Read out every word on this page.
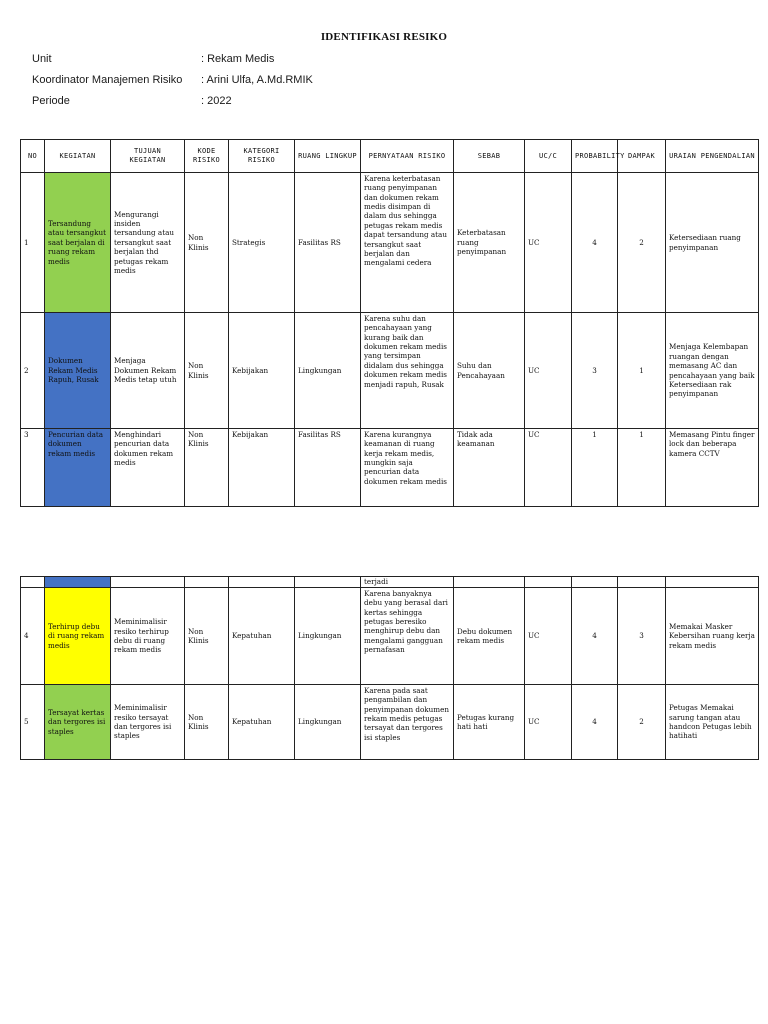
IDENTIFIKASI RESIKO
Unit	: Rekam Medis
Koordinator Manajemen Risiko : Arini Ulfa, A.Md.RMIK
Periode	: 2022
NO	KEGIATAN	TUJUAN KEGIATAN	KODE RISIKO	KATEGORI RISIKO	RUANG LINGKUP	PERNYATAAN RISIKO	SEBAB	UC/C	PROBABILITY	DAMPAK	URAIAN PENGENDALIAN
1	Tersandung atau tersangkut saat berjalan di ruang rekam medis	Mengurangi insiden tersandung atau tersangkut saat berjalan thd petugas rekam medis	Non Klinis	Strategis	Fasilitas RS	Karena keterbatasan ruang penyimpanan dan dokumen rekam medis disimpan di dalam dus sehingga petugas rekam medis dapat tersandung atau tersangkut saat berjalan dan mengalami cedera	Keterbatasan ruang penyimpanan	UC	4	2	Ketersediaan ruang penyimpanan
2	Dokumen Rekam Medis Rapuh, Rusak	Menjaga Dokumen Rekam Medis tetap utuh	Non Klinis	Kebijakan	Lingkungan	Karena suhu dan pencahayaan yang kurang baik dan dokumen rekam medis yang tersimpan didalam dus sehingga dokumen rekam medis menjadi rapuh, Rusak	Suhu dan Pencahayaan	UC	3	1	Menjaga Kelembapan ruangan dengan memasang AC dan pencahayaan yang baik Ketersediaan rak penyimpanan
3	Pencurian data dokumen rekam medis	Menghindari pencurian data dokumen rekam medis	Non Klinis	Kebijakan	Fasilitas RS	Karena kurangnya keamanan di ruang kerja rekam medis, mungkin saja pencurian data dokumen rekam medis	Tidak ada keamanan	UC	1	1	Memasang Pintu finger lock dan beberapa kamera CCTV
						terjadi					
4	Terhirup debu di ruang rekam medis	Meminimalisir resiko terhirup debu di ruang rekam medis	Non Klinis	Kepatuhan	Lingkungan	Karena banyaknya debu yang berasal dari kertas sehingga petugas beresiko menghirup debu dan mengalami gangguan pernafasan	Debu dokumen rekam medis	UC	4	3	Memakai Masker Kebersihan ruang kerja rekam medis
5	Tersayat kertas dan tergores isi staples	Meminimalisir resiko tersayat dan tergores isi staples	Non Klinis	Kepatuhan	Lingkungan	Karena pada saat pengambilan dan penyimpanan dokumen rekam medis petugas tersayat dan tergores isi staples	Petugas kurang hati hati	UC	4	2	Petugas Memakai sarung tangan atau handcon Petugas lebih hatihati
